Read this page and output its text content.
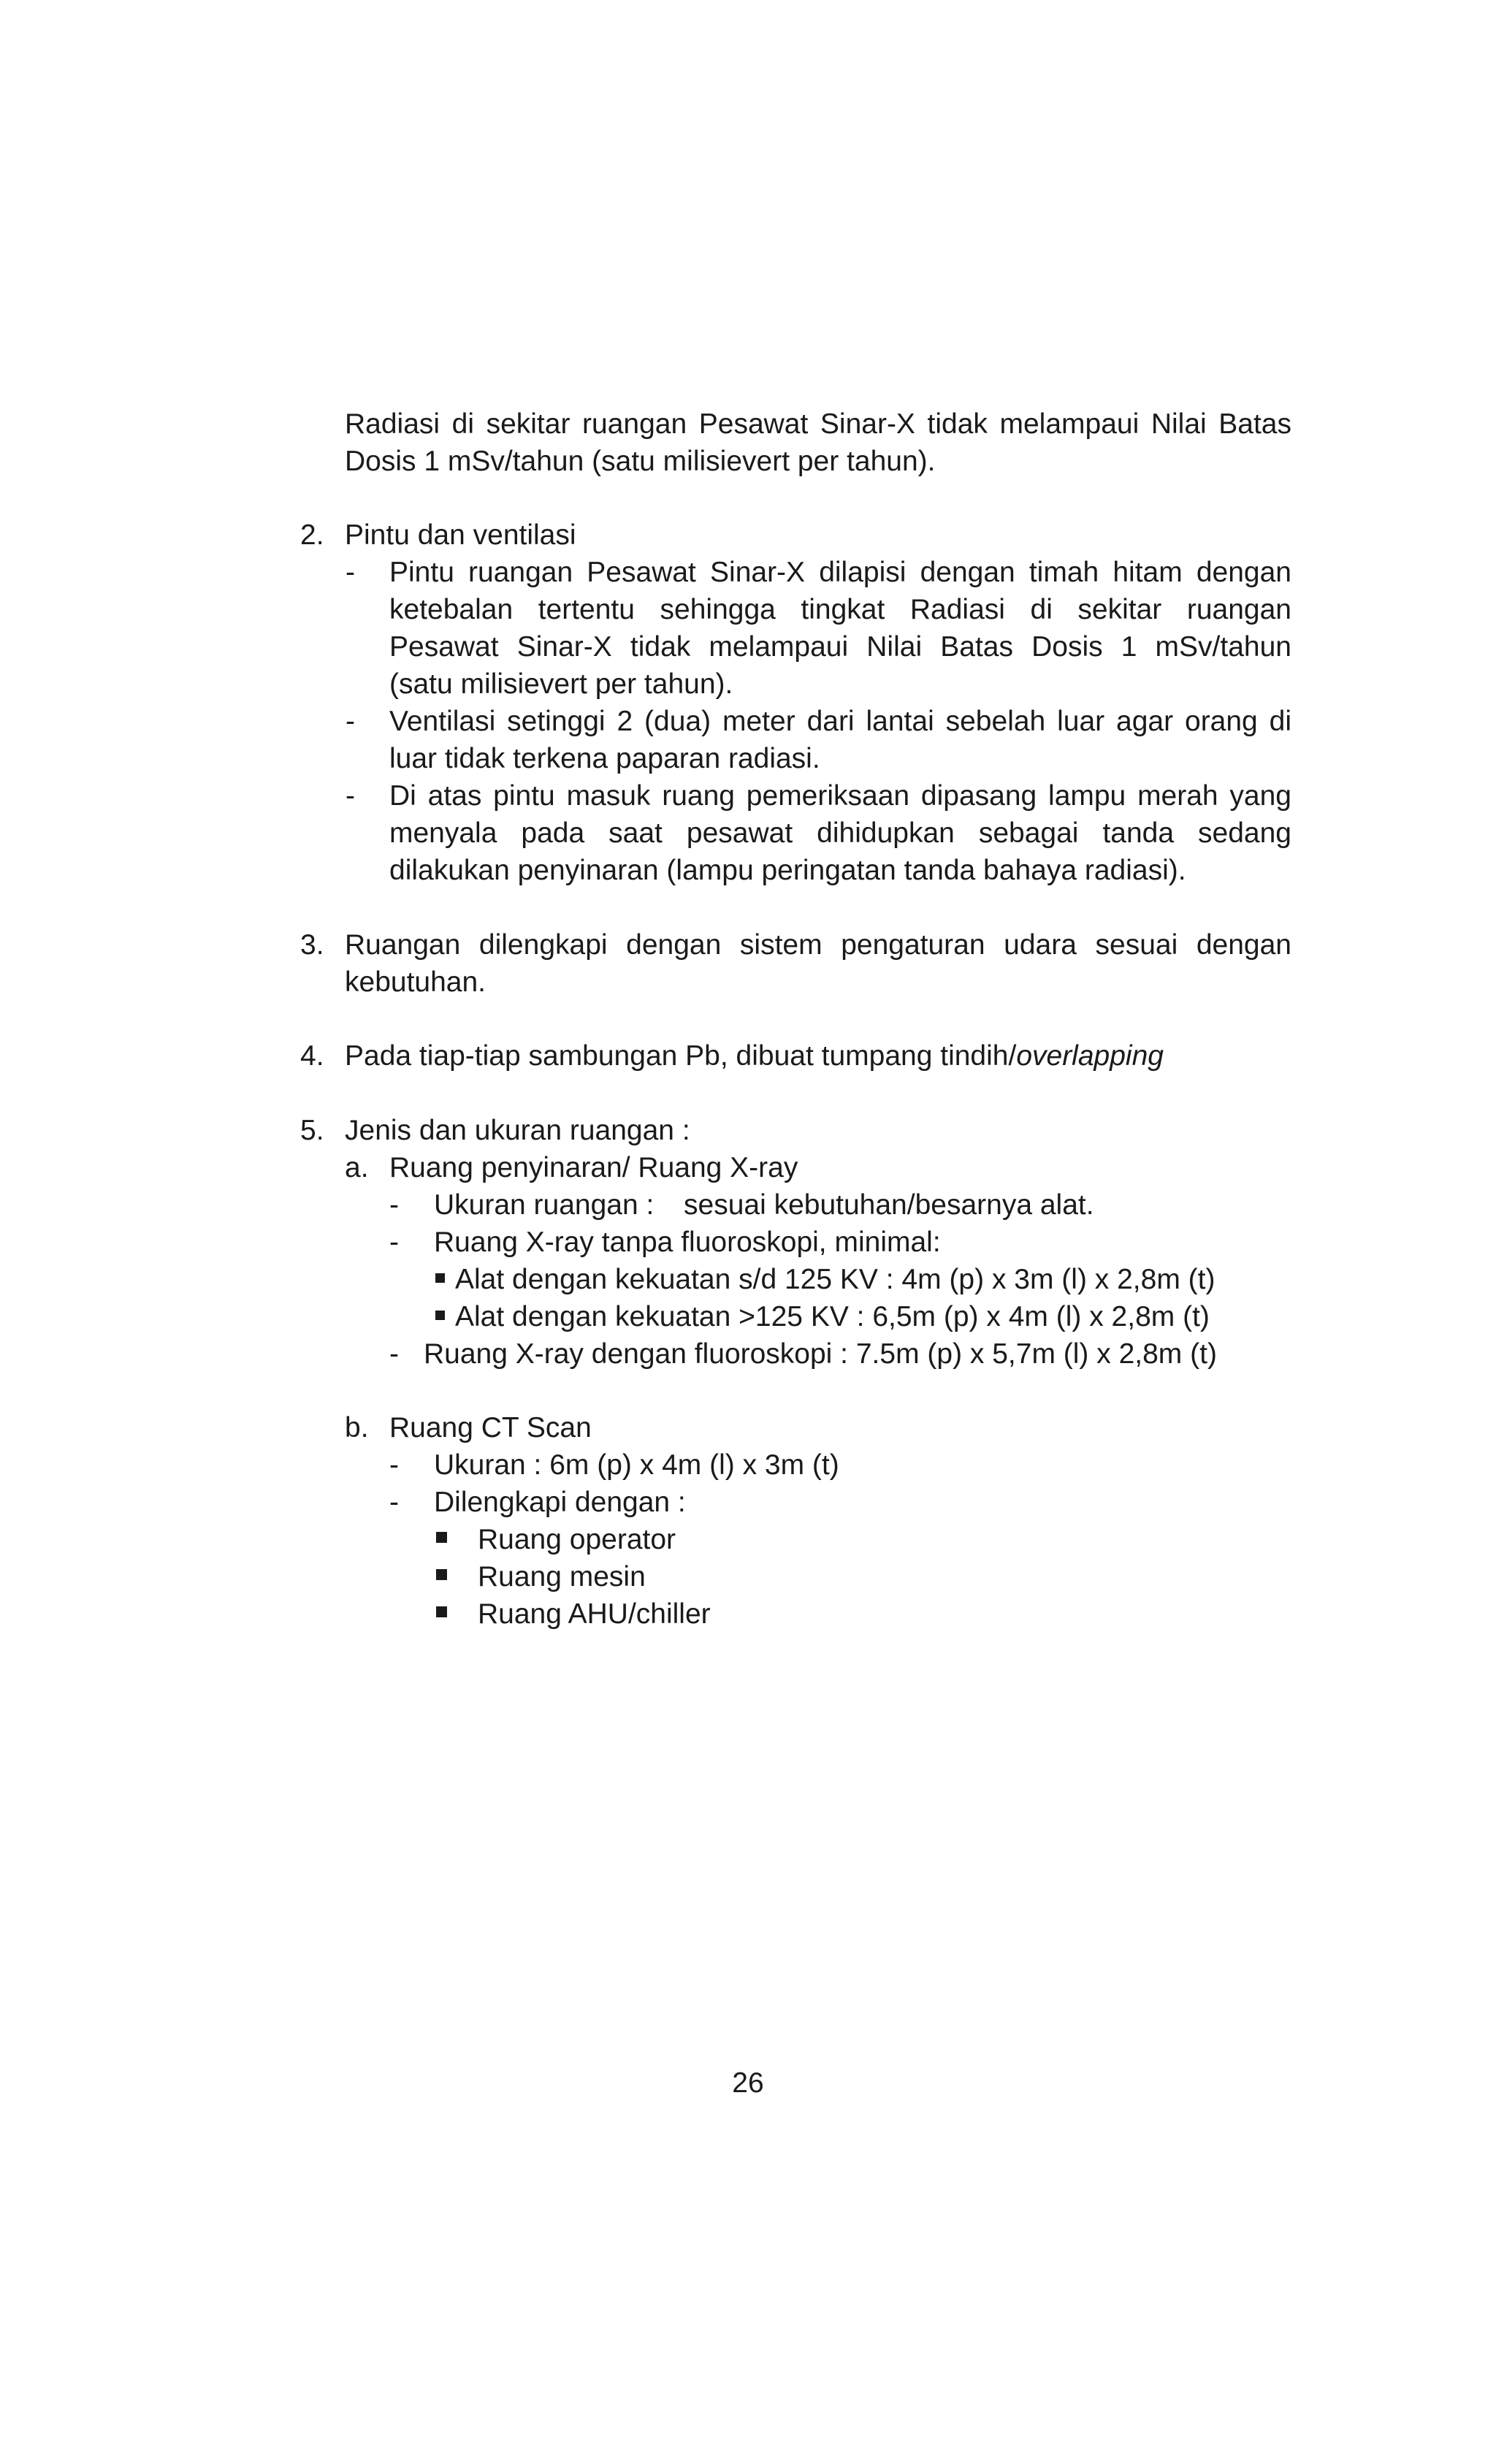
Radiasi di sekitar ruangan Pesawat Sinar-X tidak melampaui Nilai Batas
Dosis 1 mSv/tahun (satu milisievert per tahun).
2. Pintu dan ventilasi
- Pintu ruangan Pesawat Sinar-X dilapisi dengan timah hitam dengan
ketebalan tertentu sehingga tingkat Radiasi di sekitar ruangan
Pesawat Sinar-X tidak melampaui Nilai Batas Dosis 1 mSv/tahun
(satu milisievert per tahun).
- Ventilasi setinggi 2 (dua) meter dari lantai sebelah luar agar orang di
luar tidak terkena paparan radiasi.
- Di atas pintu masuk ruang pemeriksaan dipasang lampu merah yang
menyala pada saat pesawat dihidupkan sebagai tanda sedang
dilakukan penyinaran (lampu peringatan tanda bahaya radiasi).
3. Ruangan dilengkapi dengan sistem pengaturan udara sesuai dengan
kebutuhan.
4. Pada tiap-tiap sambungan Pb, dibuat tumpang tindih/overlapping
5. Jenis dan ukuran ruangan :
a. Ruang penyinaran/ Ruang X-ray
- Ukuran ruangan : sesuai kebutuhan/besarnya alat.
- Ruang X-ray tanpa fluoroskopi, minimal:
Alat dengan kekuatan s/d 125 KV : 4m (p) x 3m (l) x 2,8m (t)
Alat dengan kekuatan >125 KV : 6,5m (p) x 4m (l) x 2,8m (t)
- Ruang X-ray dengan fluoroskopi : 7.5m (p) x 5,7m (l) x 2,8m (t)
b. Ruang CT Scan
- Ukuran : 6m (p) x 4m (l) x 3m (t)
- Dilengkapi dengan :
Ruang operator
Ruang mesin
Ruang AHU/chiller
26
